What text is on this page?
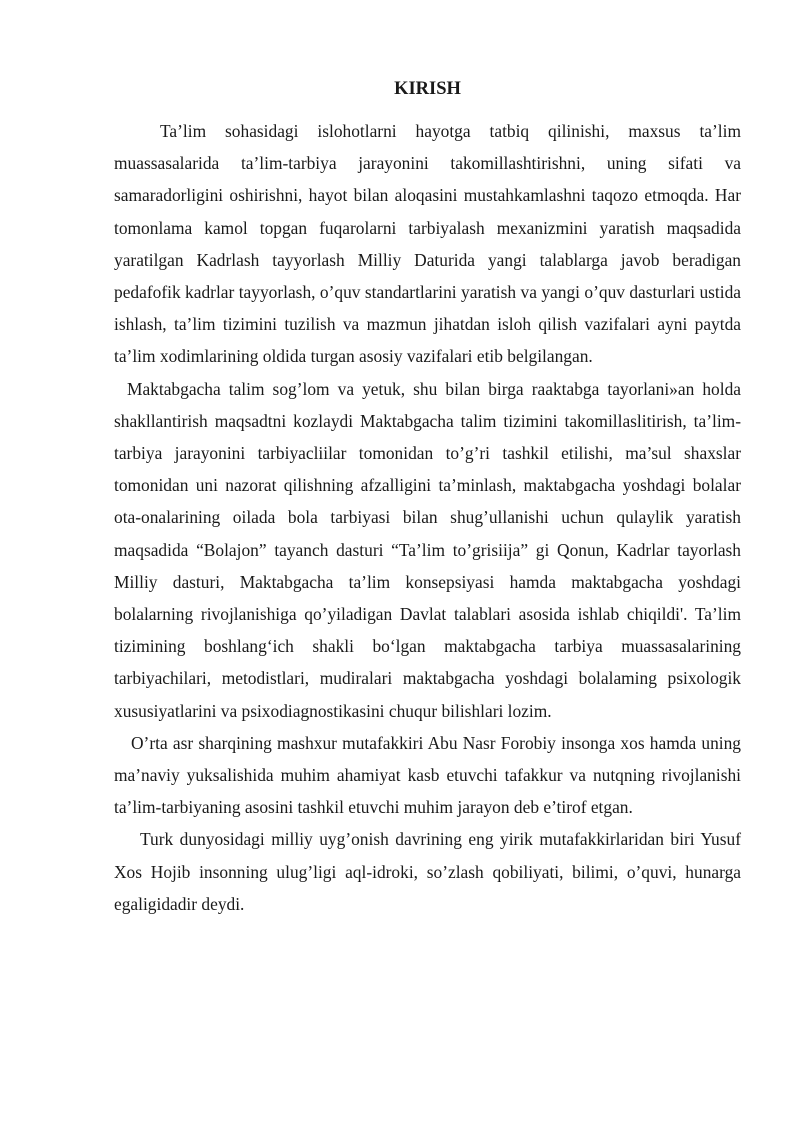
KIRISH

Ta’lim sohasidagi islohotlarni hayotga tatbiq qilinishi, maxsus ta’lim muassasalarida ta’lim-tarbiya jarayonini takomillashtirishni, uning sifati va samaradorligini oshirishni, hayot bilan aloqasini mustahkamlashni taqozo etmoqda. Har tomonlama kamol topgan fuqarolarni tarbiyalash mexanizmini yaratish maqsadida yaratilgan Kadrlash tayyorlash Milliy Daturida yangi talablarga javob beradigan pedafofik kadrlar tayyorlash, o’quv standartlarini yaratish va yangi o’quv dasturlari ustida ishlash, ta’lim tizimini tuzilish va mazmun jihatdan isloh qilish vazifalari ayni paytda ta’lim xodimlarining oldida turgan asosiy vazifalari etib belgilangan.

Maktabgacha talim sog’lom va yetuk, shu bilan birga raaktabga tayorlani»an holda shakllantirish maqsadtni kozlaydi Maktabgacha talim tizimini takomillaslitirish, ta’lim-tarbiya jarayonini tarbiyacliilar tomonidan to’g’ri tashkil etilishi, ma’sul shaxslar tomonidan uni nazorat qilishning afzalligini ta’minlash, maktabgacha yoshdagi bolalar ota-onalarining oilada bola tarbiyasi bilan shug’ullanishi uchun qulaylik yaratish maqsadida “Bolajon” tayanch dasturi “Ta’lim to’grisiija” gi Qonun, Kadrlar tayorlash Milliy dasturi, Maktabgacha ta’lim konsepsiyasi hamda maktabgacha yoshdagi bolalarning rivojlanishiga qo’yiladigan Davlat talablari asosida ishlab chiqildi'. Ta’lim tizimining boshlang‘ich shakli bo‘lgan maktabgacha tarbiya muassasalarining tarbiyachilari, metodistlari, mudiralari maktabgacha yoshdagi bolalaming psixologik xususiyatlarini va psixodiagnostikasini chuqur bilishlari lozim.

O’rta asr sharqining mashxur mutafakkiri Abu Nasr Forobiy insonga xos hamda uning ma’naviy yuksalishida muhim ahamiyat kasb etuvchi tafakkur va nutqning rivojlanishi ta’lim-tarbiyaning asosini tashkil etuvchi muhim jarayon deb e’tirof etgan.

Turk dunyosidagi milliy uyg’onish davrining eng yirik mutafakkirlaridan biri Yusuf Xos Hojib insonning ulug’ligi aql-idroki, so’zlash qobiliyati, bilimi, o’quvi, hunarga egaligidadir deydi.
